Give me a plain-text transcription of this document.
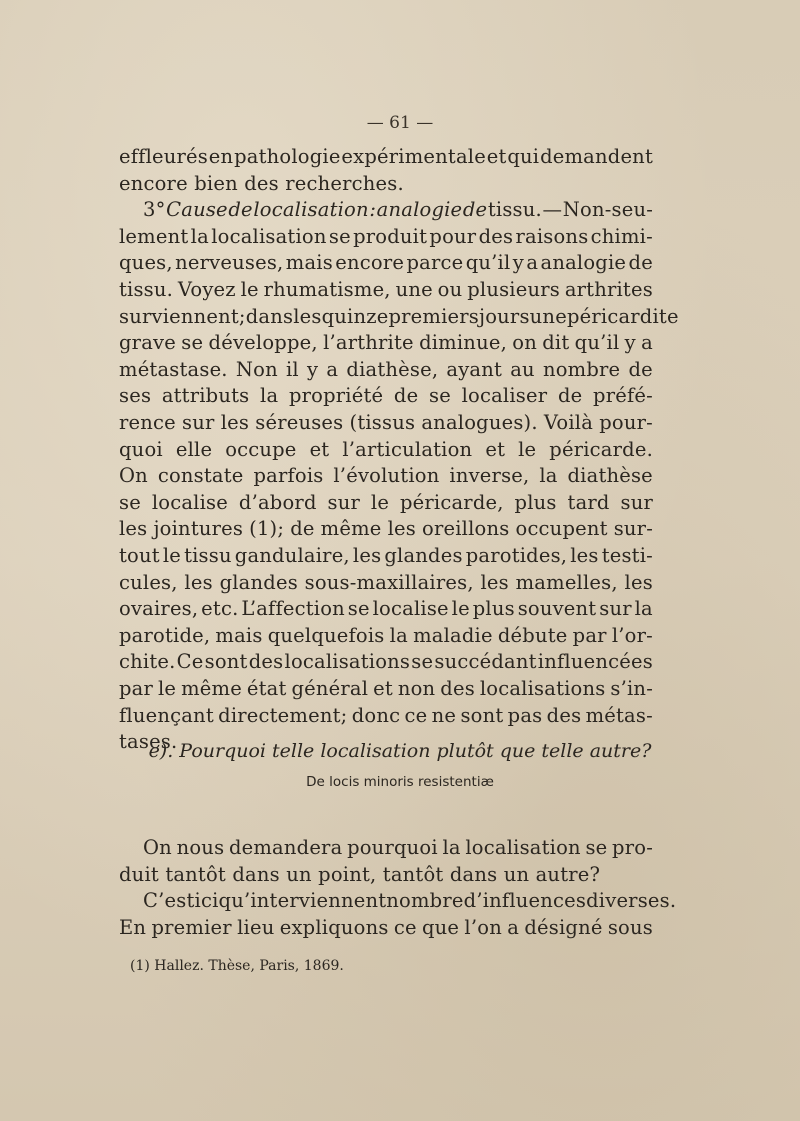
— 61 —
effleurés en pathologie expérimentale et qui demandent
encore bien des recherches.
3° Cause de localisation : analogie de tissu. — Non-seu-
lement la localisation se produit pour des raisons chimi-
ques, nerveuses, mais encore parce qu’il y a analogie de
tissu. Voyez le rhumatisme, une ou plusieurs arthrites
surviennent; dans les quinze premiers jours une péricardite
grave se développe, l’arthrite diminue, on dit qu’il y a
métastase. Non il y a diathèse, ayant au nombre de
ses attributs la propriété de se localiser de préfé-
rence sur les séreuses (tissus analogues). Voilà pour-
quoi elle occupe et l’articulation et le péricarde.
On constate parfois l’évolution inverse, la diathèse
se localise d’abord sur le péricarde, plus tard sur
les jointures (1); de même les oreillons occupent sur-
tout le tissu gandulaire, les glandes parotides, les testi-
cules, les glandes sous-maxillaires, les mamelles, les
ovaires, etc. L’affection se localise le plus souvent sur la
parotide, mais quelquefois la maladie débute par l’or-
chite. Ce sont des localisations se succédant influencées
par le même état général et non des localisations s’in-
fluençant directement; donc ce ne sont pas des métas-
tases.
e). Pourquoi telle localisation plutôt que telle autre?
De locis minoris resistentiæ
On nous demandera pourquoi la localisation se pro-
duit tantôt dans un point, tantôt dans un autre?
C’est ici qu’interviennent nombre d’influences diverses.
En premier lieu expliquons ce que l’on a désigné sous
(1) Hallez. Thèse, Paris, 1869.
